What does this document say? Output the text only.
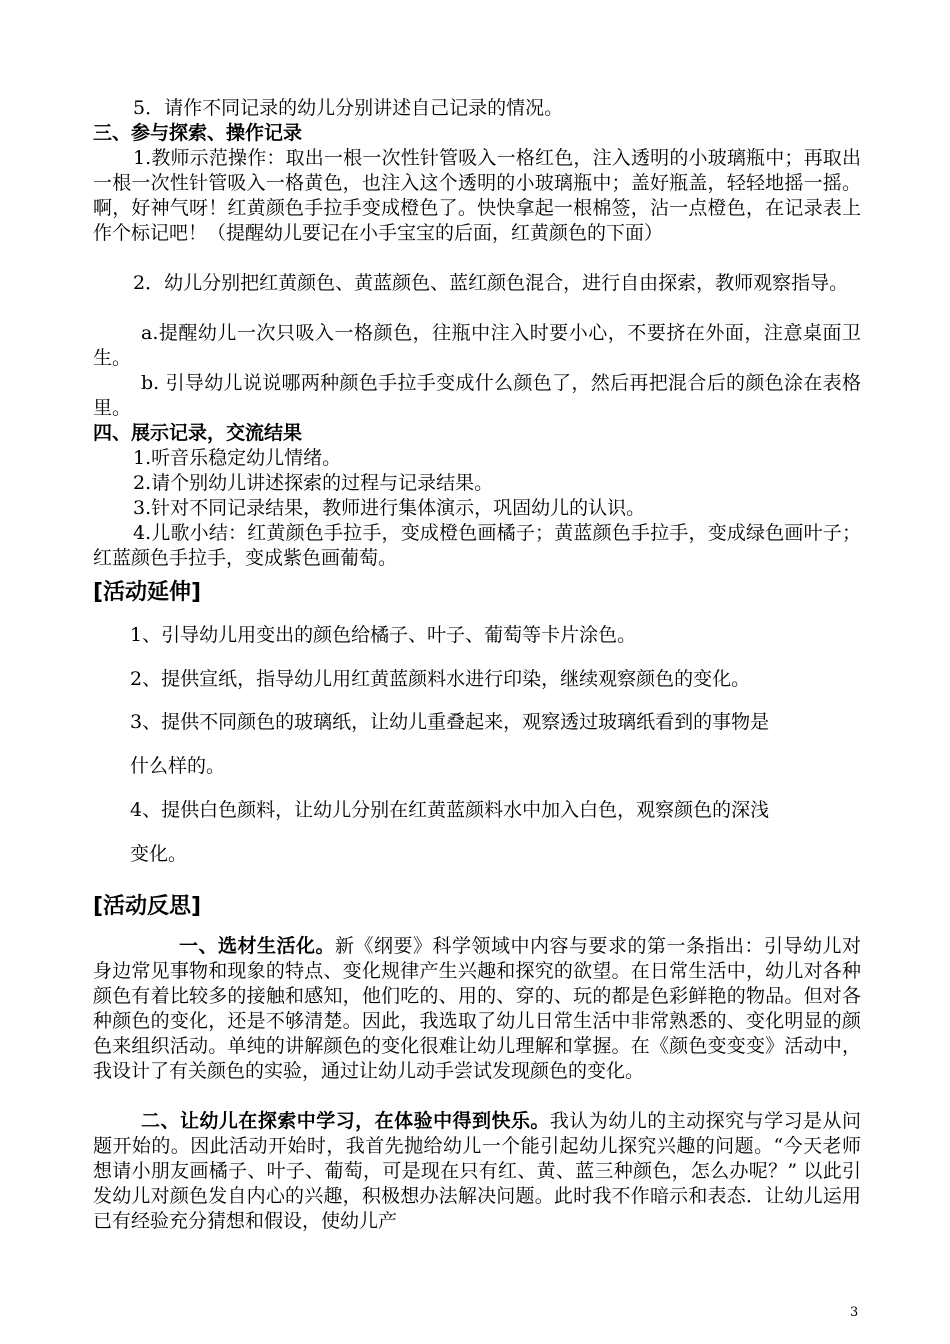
5．请作不同记录的幼儿分别讲述自己记录的情况。

三、参与探索、操作记录

1.教师示范操作：取出一根一次性针管吸入一格红色，注入透明的小玻璃瓶中；再取出一根一次性针管吸入一格黄色，也注入这个透明的小玻璃瓶中；盖好瓶盖，轻轻地摇一摇。啊，好神气呀！红黄颜色手拉手变成橙色了。快快拿起一根棉签，沾一点橙色，在记录表上作个标记吧！（提醒幼儿要记在小手宝宝的后面，红黄颜色的下面）

2．幼儿分别把红黄颜色、黄蓝颜色、蓝红颜色混合，进行自由探索，教师观察指导。

a.提醒幼儿一次只吸入一格颜色，往瓶中注入时要小心，不要挤在外面，注意桌面卫生。

b. 引导幼儿说说哪两种颜色手拉手变成什么颜色了，然后再把混合后的颜色涂在表格里。

四、展示记录，交流结果

1.听音乐稳定幼儿情绪。

2.请个别幼儿讲述探索的过程与记录结果。

3.针对不同记录结果，教师进行集体演示，巩固幼儿的认识。

4.儿歌小结：红黄颜色手拉手，变成橙色画橘子；黄蓝颜色手拉手，变成绿色画叶子；红蓝颜色手拉手，变成紫色画葡萄。

[活动延伸]

1、引导幼儿用变出的颜色给橘子、叶子、葡萄等卡片涂色。

2、提供宣纸，指导幼儿用红黄蓝颜料水进行印染，继续观察颜色的变化。

3、提供不同颜色的玻璃纸，让幼儿重叠起来，观察透过玻璃纸看到的事物是
什么样的。

4、提供白色颜料，让幼儿分别在红黄蓝颜料水中加入白色，观察颜色的深浅
变化。

[活动反思]

一、选材生活化。新《纲要》科学领域中内容与要求的第一条指出：引导幼儿对身边常见事物和现象的特点、变化规律产生兴趣和探究的欲望。在日常生活中，幼儿对各种颜色有着比较多的接触和感知，他们吃的、用的、穿的、玩的都是色彩鲜艳的物品。但对各种颜色的变化，还是不够清楚。因此，我选取了幼儿日常生活中非常熟悉的、变化明显的颜色来组织活动。单纯的讲解颜色的变化很难让幼儿理解和掌握。在《颜色变变变》活动中，我设计了有关颜色的实验，通过让幼儿动手尝试发现颜色的变化。

二、让幼儿在探索中学习，在体验中得到快乐。我认为幼儿的主动探究与学习是从问题开始的。因此活动开始时，我首先抛给幼儿一个能引起幼儿探究兴趣的问题。“今天老师想请小朋友画橘子、叶子、葡萄，可是现在只有红、黄、蓝三种颜色，怎么办呢？” 以此引发幼儿对颜色发自内心的兴趣，积极想办法解决问题。此时我不作暗示和表态．让幼儿运用已有经验充分猜想和假设，使幼儿产

3
